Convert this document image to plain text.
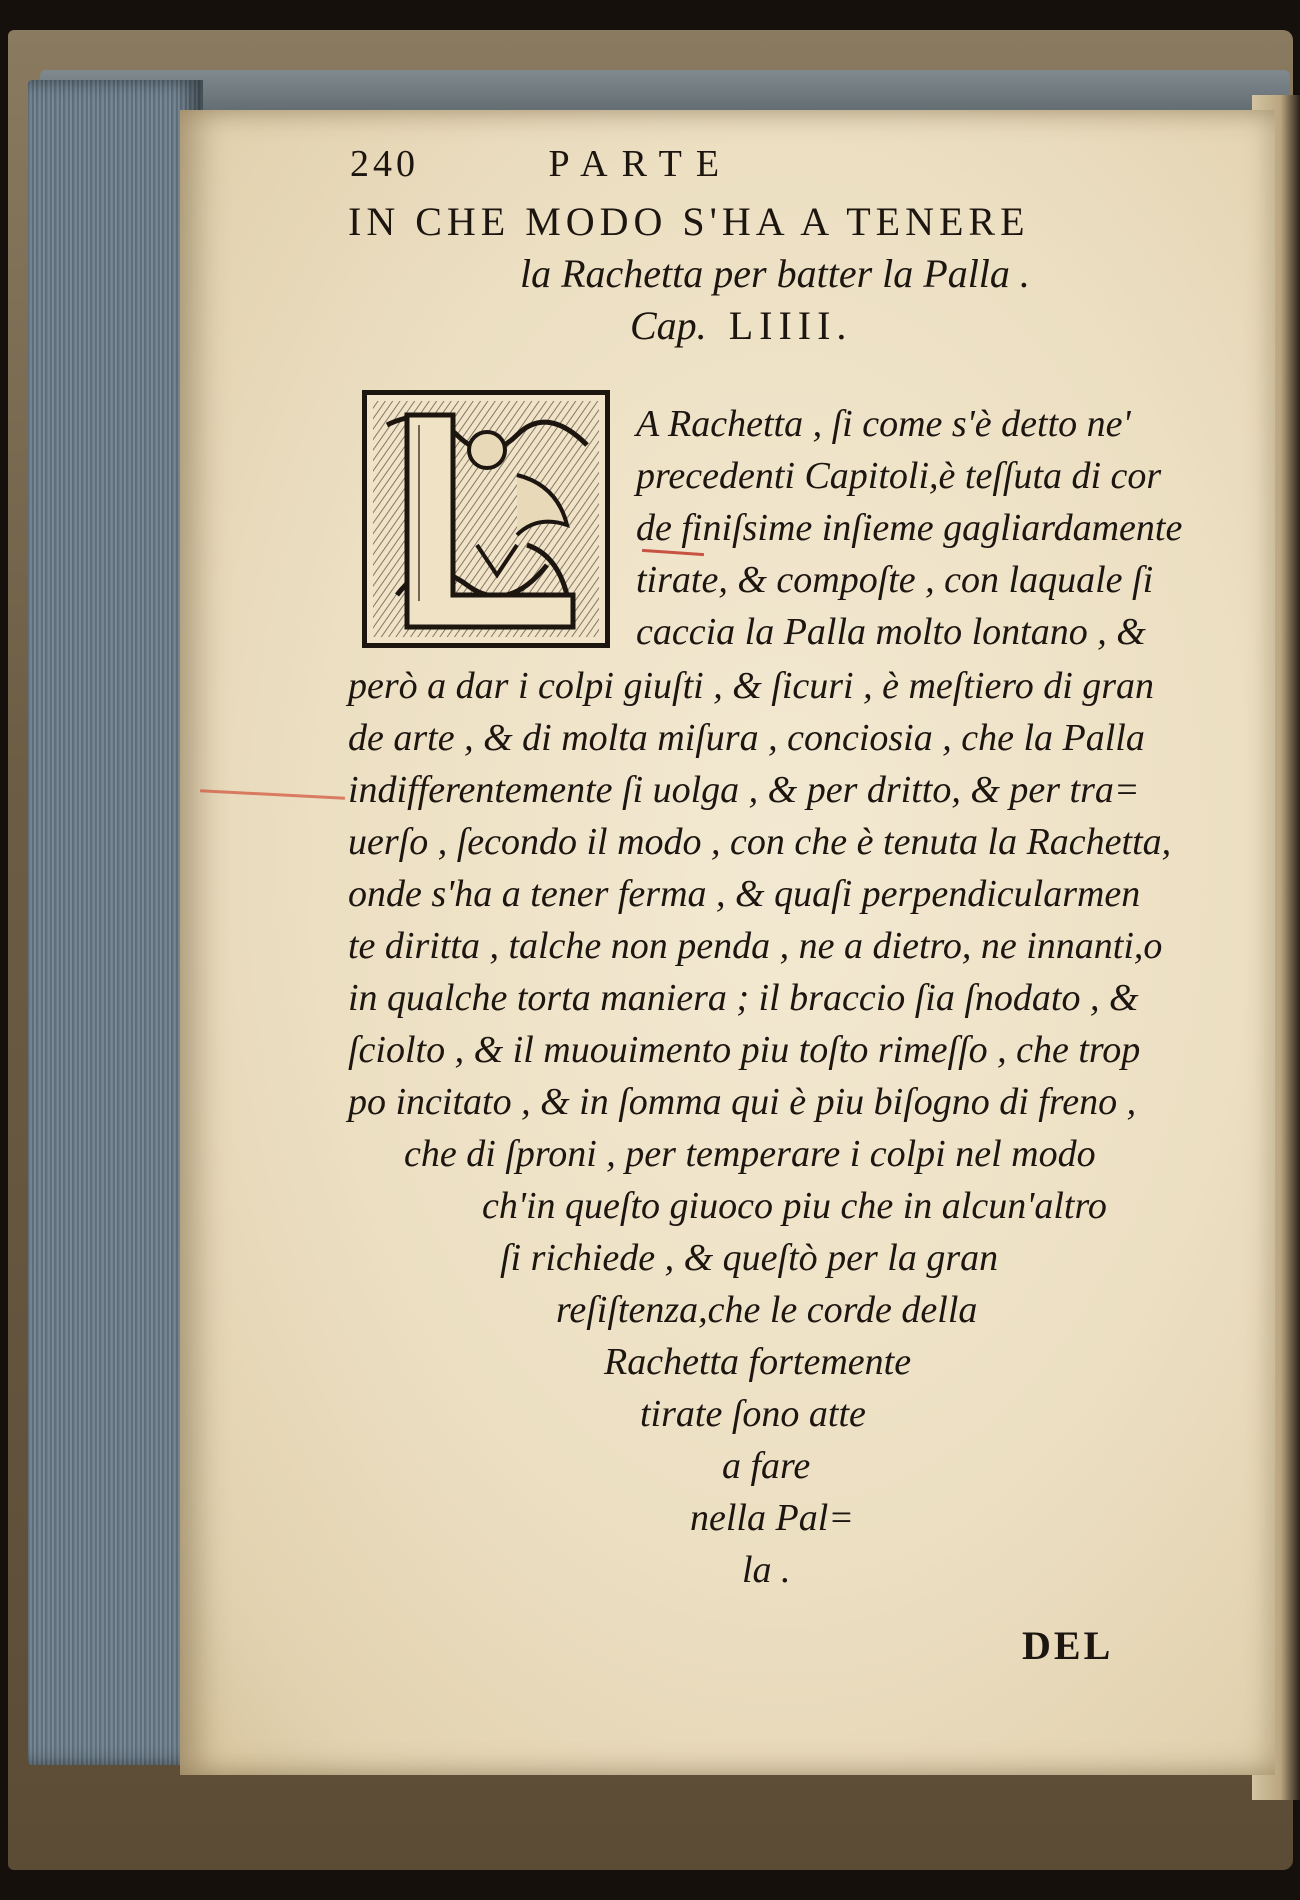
240	PARTE
IN CHE MODO S'HA A TENERE
la Rachetta per batter la Palla .
Cap. LIIII.
A Rachetta , ſi come s'è detto ne'
precedenti Capitoli,è teſſuta di cor
de finiſsime inſieme gagliardamente
tirate, & compoſte , con laquale ſi
caccia la Palla molto lontano , &
però a dar i colpi giuſti , & ſicuri , è meſtiero di gran
de arte , & di molta miſura , conciosia , che la Palla
indifferentemente ſi uolga , & per dritto, & per tra=
uerſo , ſecondo il modo , con che è tenuta la Rachetta,
onde s'ha a tener ferma , & quaſi perpendicularmen
te diritta , talche non penda , ne a dietro, ne innanti,o
in qualche torta maniera ; il braccio ſia ſnodato , &
ſciolto , & il muouimento piu toſto rimeſſo , che trop
po incitato , & in ſomma qui è piu biſogno di freno ,
che di ſproni , per temperare i colpi nel modo
ch'in queſto giuoco piu che in alcun'altro
ſi richiede , & queſtò per la gran
reſiſtenza,che le corde della
Rachetta fortemente
tirate ſono atte
a fare
nella Pal=
la .
DEL
